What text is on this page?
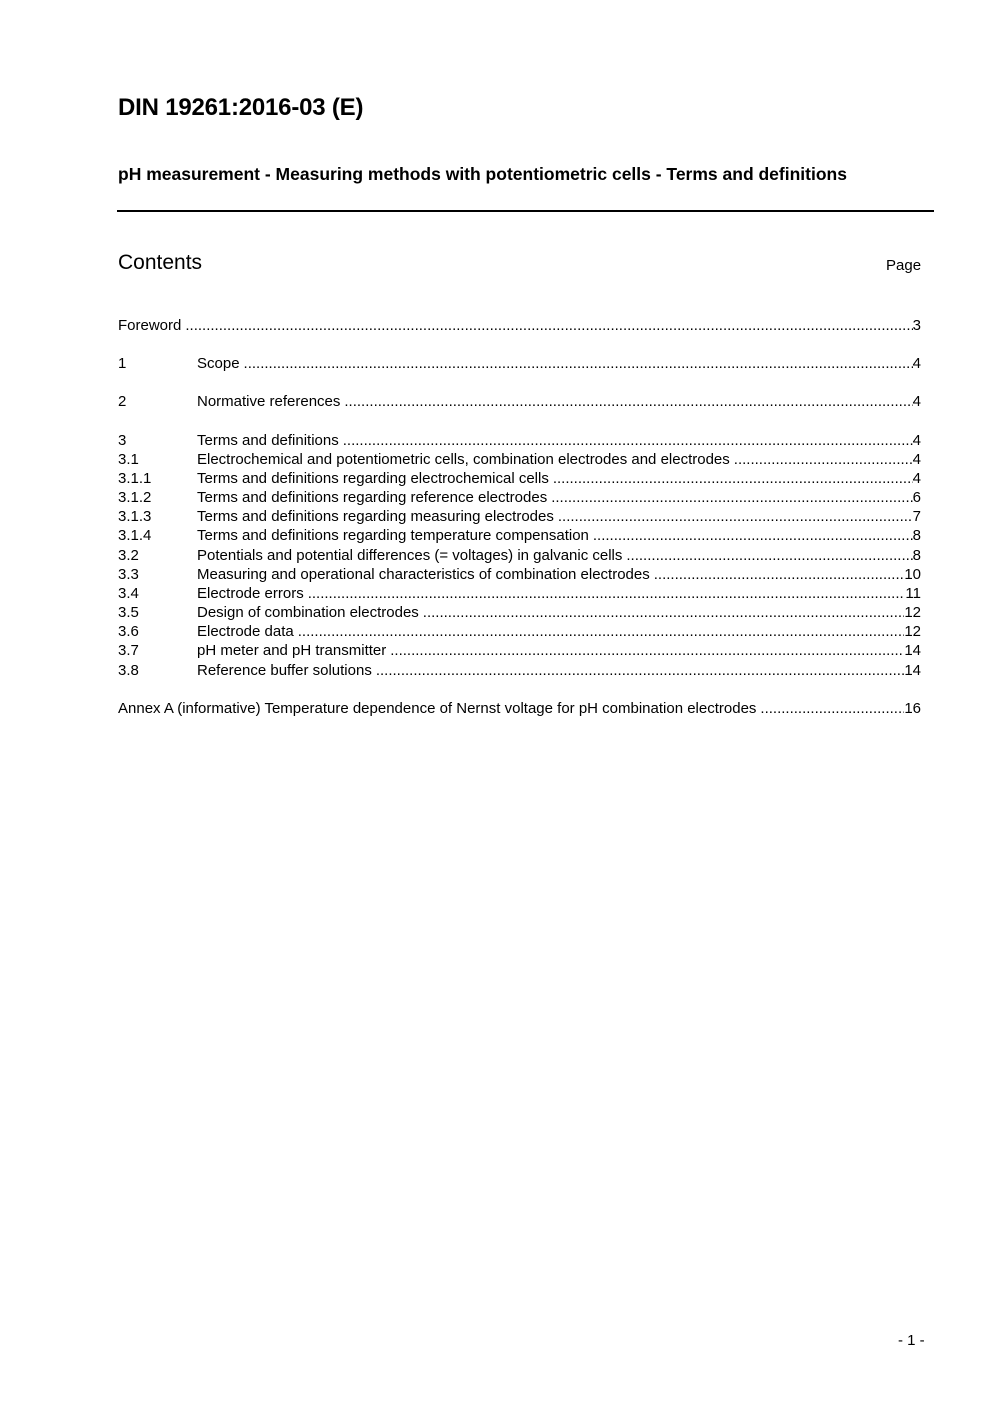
DIN 19261:2016-03 (E)
pH measurement - Measuring methods with potentiometric cells - Terms and definitions
Contents	Page
Foreword .....	3
1	Scope .....	4
2	Normative references .....	4
3	Terms and definitions .....	4
3.1	Electrochemical and potentiometric cells, combination electrodes and electrodes .....	4
3.1.1	Terms and definitions regarding electrochemical cells .....	4
3.1.2	Terms and definitions regarding reference electrodes .....	6
3.1.3	Terms and definitions regarding measuring electrodes .....	7
3.1.4	Terms and definitions regarding temperature compensation .....	8
3.2	Potentials and potential differences (= voltages) in galvanic cells .....	8
3.3	Measuring and operational characteristics of combination electrodes .....	10
3.4	Electrode errors .....	11
3.5	Design of combination electrodes .....	12
3.6	Electrode data .....	12
3.7	pH meter and pH transmitter .....	14
3.8	Reference buffer solutions .....	14
Annex A (informative) Temperature dependence of Nernst voltage for pH combination electrodes .....	16
- 1 -
